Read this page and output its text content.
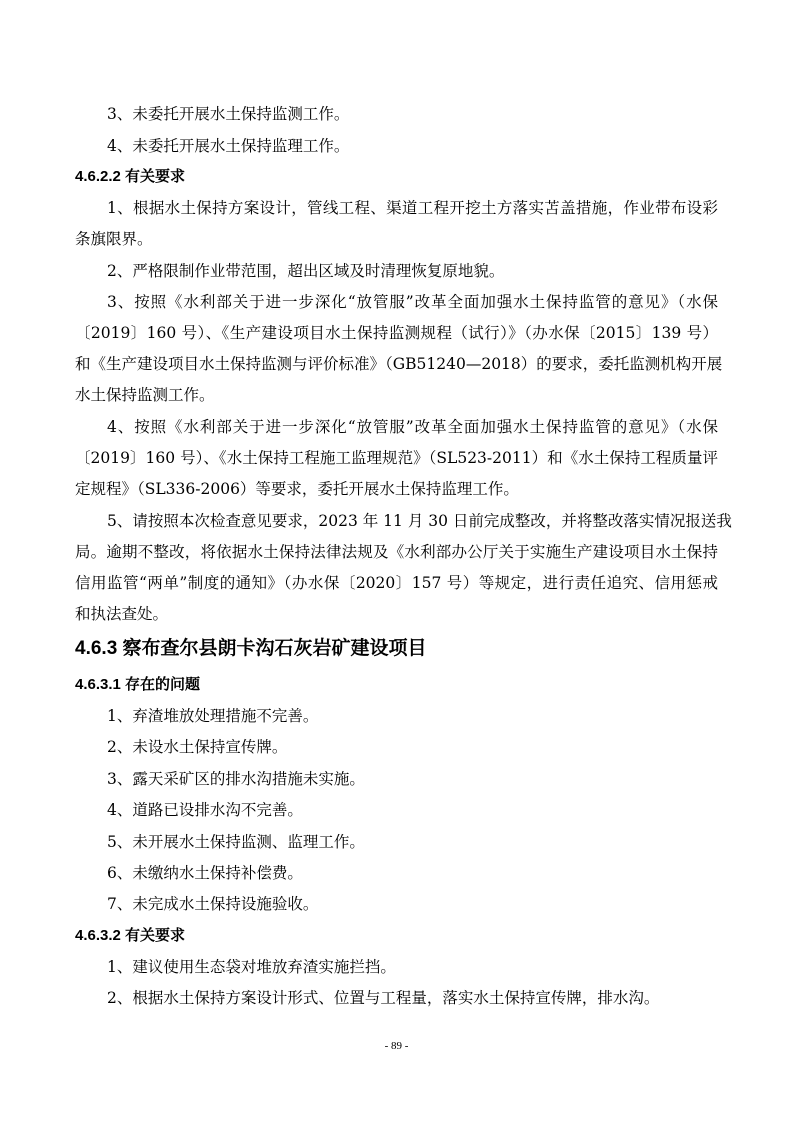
3、未委托开展水土保持监测工作。
4、未委托开展水土保持监理工作。
4.6.2.2 有关要求
1、根据水土保持方案设计，管线工程、渠道工程开挖土方落实苫盖措施，作业带布设彩
条旗限界。
2、严格限制作业带范围，超出区域及时清理恢复原地貌。
3、按照《水利部关于进一步深化“放管服”改革全面加强水土保持监管的意见》（水保
〔2019〕160 号）、《生产建设项目水土保持监测规程（试行）》（办水保〔2015〕139 号）
和《生产建设项目水土保持监测与评价标准》（GB51240—2018）的要求，委托监测机构开展
水土保持监测工作。
4、按照《水利部关于进一步深化“放管服”改革全面加强水土保持监管的意见》（水保
〔2019〕160 号）、《水土保持工程施工监理规范》（SL523-2011）和《水土保持工程质量评
定规程》（SL336-2006）等要求，委托开展水土保持监理工作。
5、请按照本次检查意见要求，2023 年 11 月 30 日前完成整改，并将整改落实情况报送我
局。逾期不整改，将依据水土保持法律法规及《水利部办公厅关于实施生产建设项目水土保持
信用监管“两单”制度的通知》（办水保〔2020〕157 号）等规定，进行责任追究、信用惩戒
和执法查处。
4.6.3 察布查尔县朗卡沟石灰岩矿建设项目
4.6.3.1 存在的问题
1、弃渣堆放处理措施不完善。
2、未设水土保持宣传牌。
3、露天采矿区的排水沟措施未实施。
4、道路已设排水沟不完善。
5、未开展水土保持监测、监理工作。
6、未缴纳水土保持补偿费。
7、未完成水土保持设施验收。
4.6.3.2 有关要求
1、建议使用生态袋对堆放弃渣实施拦挡。
2、根据水土保持方案设计形式、位置与工程量，落实水土保持宣传牌，排水沟。
- 89 -
